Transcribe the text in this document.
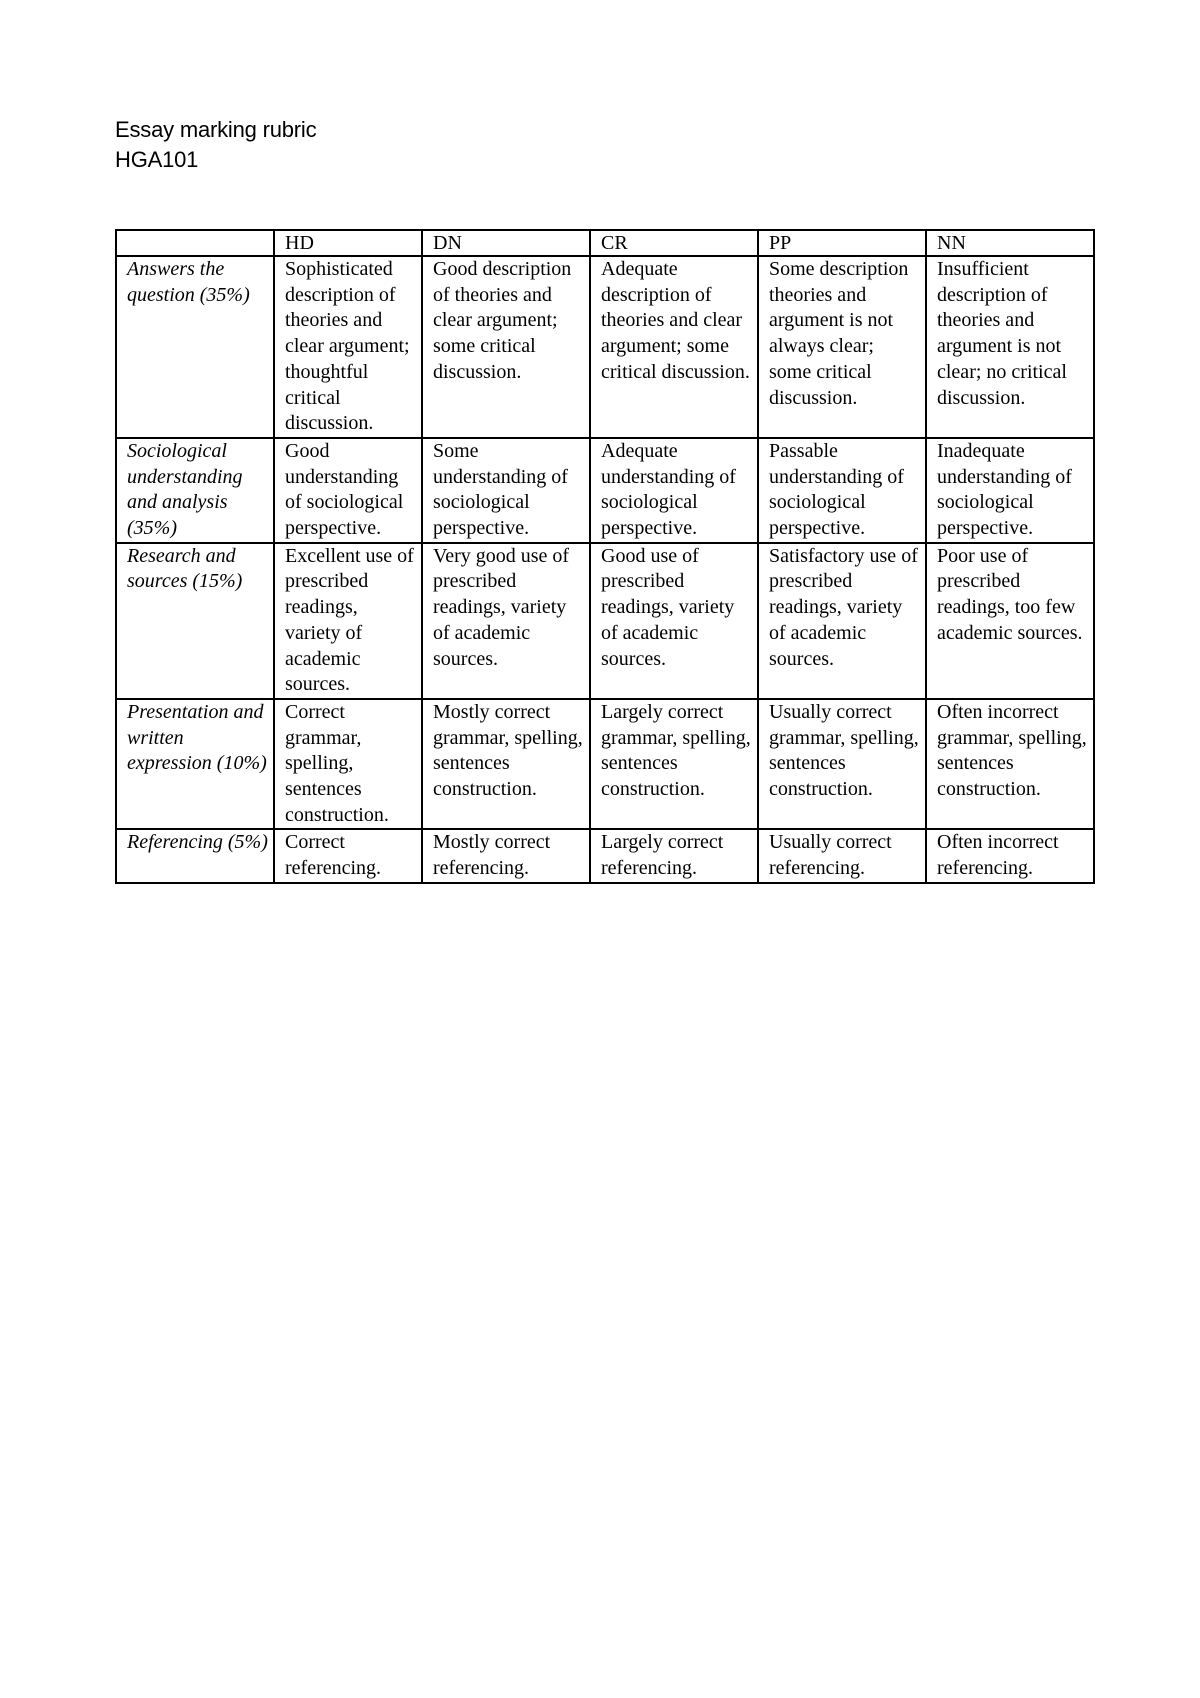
Essay marking rubric
HGA101
	HD	DN	CR	PP	NN
Answers the question (35%)	Sophisticated description of theories and clear argument; thoughtful critical discussion.	Good description of theories and clear argument; some critical discussion.	Adequate description of theories and clear argument; some critical discussion.	Some description theories and argument is not always clear; some critical discussion.	Insufficient description of theories and argument is not clear; no critical discussion.
Sociological understanding and analysis (35%)	Good understanding of sociological perspective.	Some understanding of sociological perspective.	Adequate understanding of sociological perspective.	Passable understanding of sociological perspective.	Inadequate understanding of sociological perspective.
Research and sources (15%)	Excellent use of prescribed readings, variety of academic sources.	Very good use of prescribed readings, variety of academic sources.	Good use of prescribed readings, variety of academic sources.	Satisfactory use of prescribed readings, variety of academic sources.	Poor use of prescribed readings, too few academic sources.
Presentation and written expression (10%)	Correct grammar, spelling, sentences construction.	Mostly correct grammar, spelling, sentences construction.	Largely correct grammar, spelling, sentences construction.	Usually correct grammar, spelling, sentences construction.	Often incorrect grammar, spelling, sentences construction.
Referencing (5%)	Correct referencing.	Mostly correct referencing.	Largely correct referencing.	Usually correct referencing.	Often incorrect referencing.
